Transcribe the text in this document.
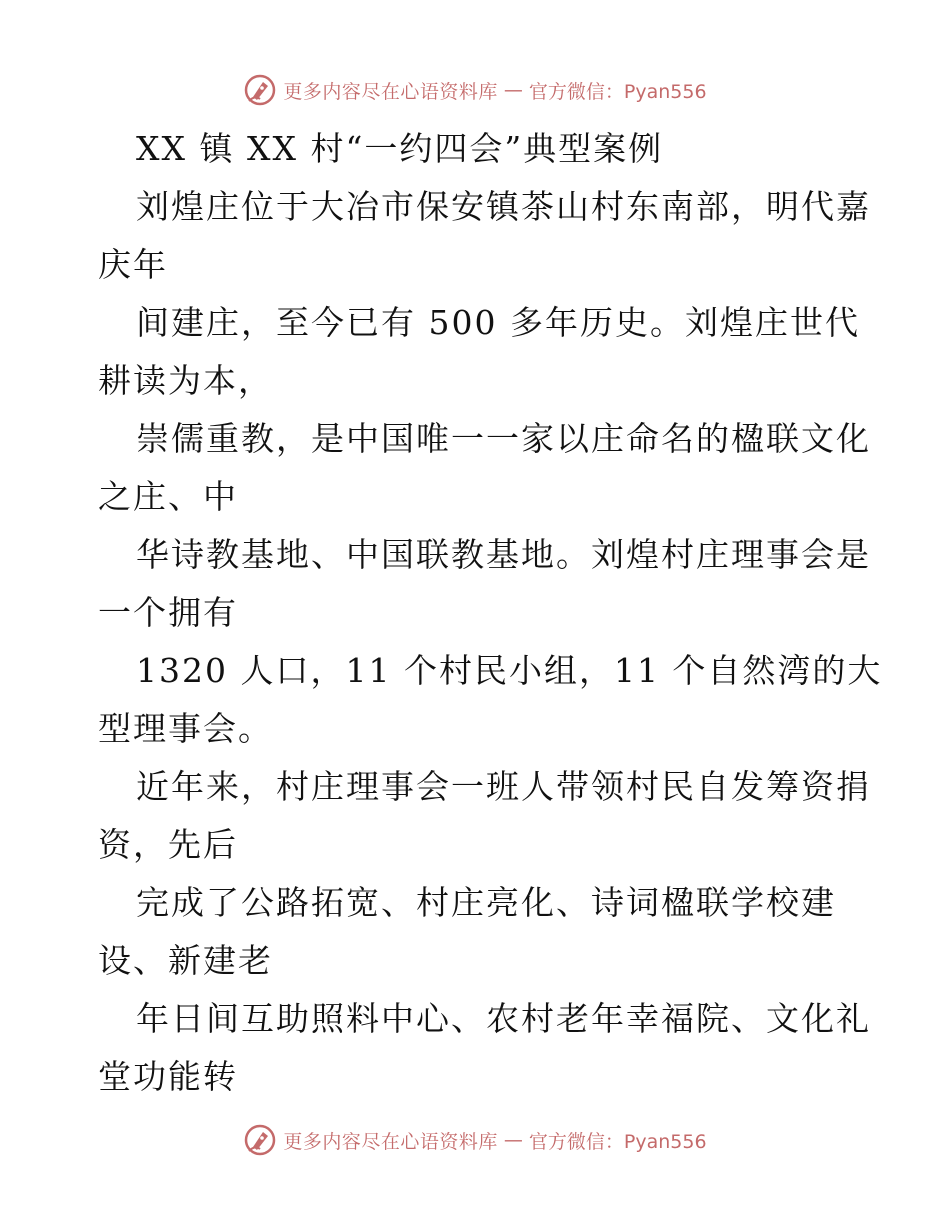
更多内容尽在心语资料库 — 官方微信：Pyan556
XX 镇 XX 村“一约四会”典型案例
刘煌庄位于大冶市保安镇茶山村东南部，明代嘉
庆年
间建庄，至今已有 500 多年历史。刘煌庄世代
耕读为本，
崇儒重教，是中国唯一一家以庄命名的楹联文化
之庄、中
华诗教基地、中国联教基地。刘煌村庄理事会是
一个拥有
1320 人口，11 个村民小组，11 个自然湾的大
型理事会。
近年来，村庄理事会一班人带领村民自发筹资捐
资，先后
完成了公路拓宽、村庄亮化、诗词楹联学校建
设、新建老
年日间互助照料中心、农村老年幸福院、文化礼
堂功能转
更多内容尽在心语资料库 — 官方微信：Pyan556
